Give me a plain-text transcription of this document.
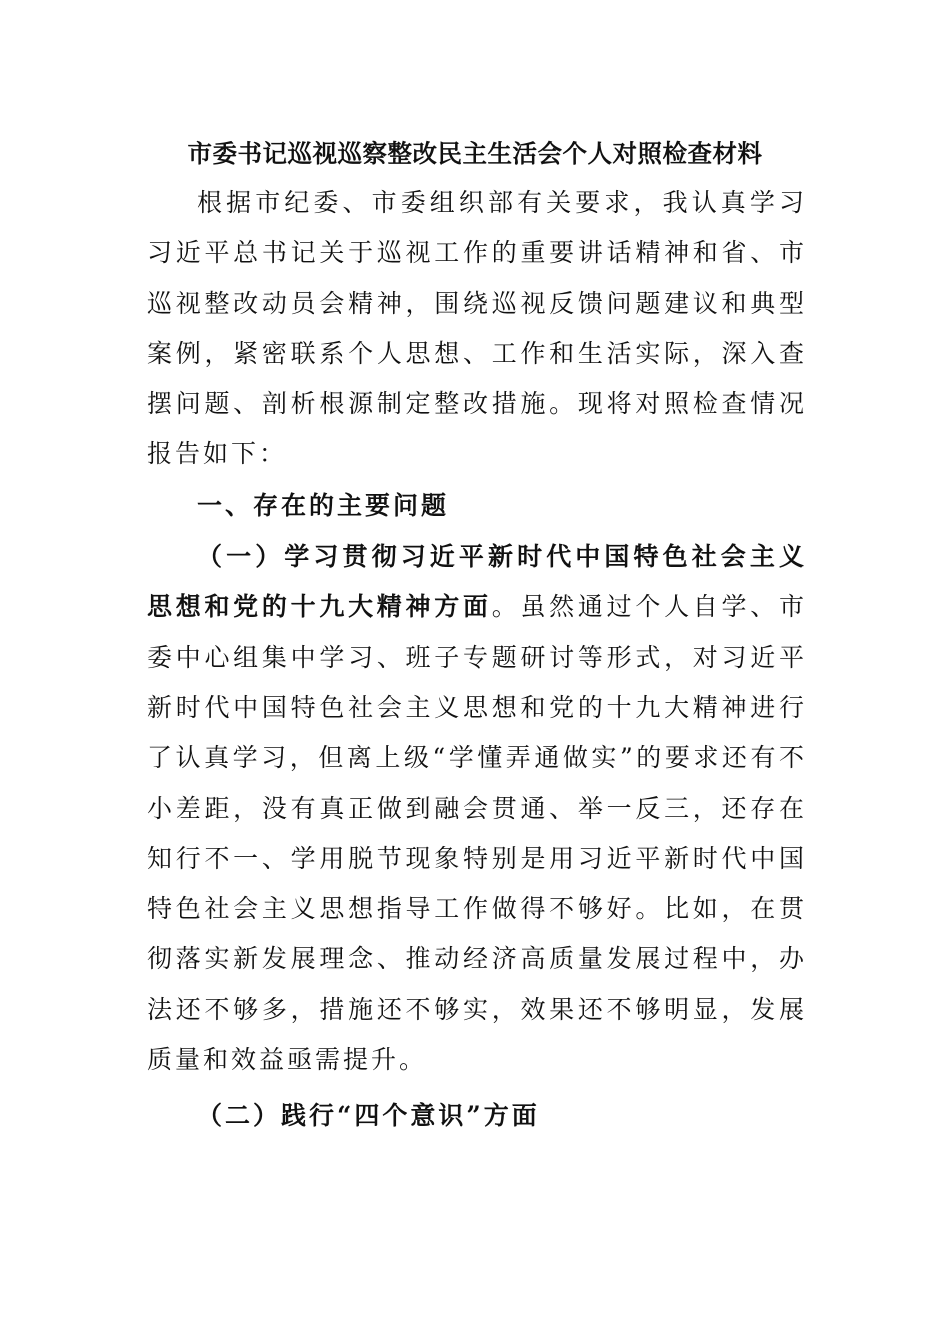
市委书记巡视巡察整改民主生活会个人对照检查材料

根据市纪委、市委组织部有关要求，我认真学习习近平总书记关于巡视工作的重要讲话精神和省、市巡视整改动员会精神，围绕巡视反馈问题建议和典型案例，紧密联系个人思想、工作和生活实际，深入查摆问题、剖析根源制定整改措施。现将对照检查情况报告如下：

一、存在的主要问题

（一）学习贯彻习近平新时代中国特色社会主义思想和党的十九大精神方面。虽然通过个人自学、市委中心组集中学习、班子专题研讨等形式，对习近平新时代中国特色社会主义思想和党的十九大精神进行了认真学习，但离上级“学懂弄通做实”的要求还有不小差距，没有真正做到融会贯通、举一反三，还存在知行不一、学用脱节现象特别是用习近平新时代中国特色社会主义思想指导工作做得不够好。比如，在贯彻落实新发展理念、推动经济高质量发展过程中，办法还不够多，措施还不够实，效果还不够明显，发展质量和效益亟需提升。

（二）践行“四个意识”方面
